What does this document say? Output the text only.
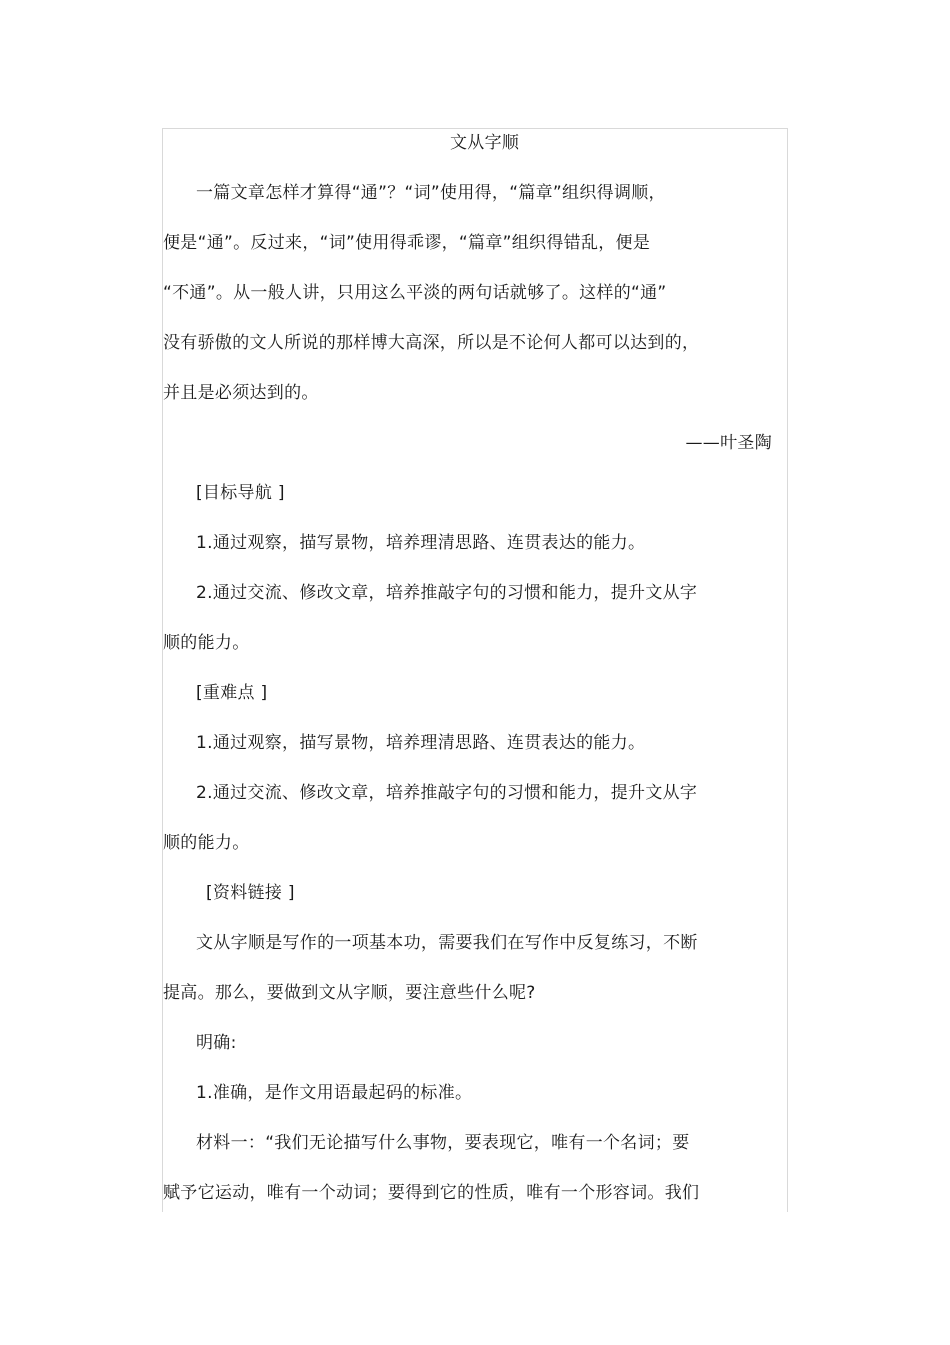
文从字顺
一篇文章怎样才算得“通”？“词”使用得，“篇章”组织得调顺，
便是“通”。反过来，“词”使用得乖谬，“篇章”组织得错乱，便是
“不通”。从一般人讲，只用这么平淡的两句话就够了。这样的“通”
没有骄傲的文人所说的那样博大高深，所以是不论何人都可以达到的，
并且是必须达到的。
——叶圣陶
[目标导航 ]
1.通过观察，描写景物，培养理清思路、连贯表达的能力。
2.通过交流、修改文章，培养推敲字句的习惯和能力，提升文从字
顺的能力。
[重难点 ]
1.通过观察，描写景物，培养理清思路、连贯表达的能力。
2.通过交流、修改文章，培养推敲字句的习惯和能力，提升文从字
顺的能力。
[资料链接 ]
文从字顺是写作的一项基本功，需要我们在写作中反复练习，不断
提高。那么，要做到文从字顺，要注意些什么呢?
明确:
1.准确，是作文用语最起码的标准。
材料一：“我们无论描写什么事物，要表现它，唯有一个名词；要
赋予它运动，唯有一个动词；要得到它的性质，唯有一个形容词。我们
